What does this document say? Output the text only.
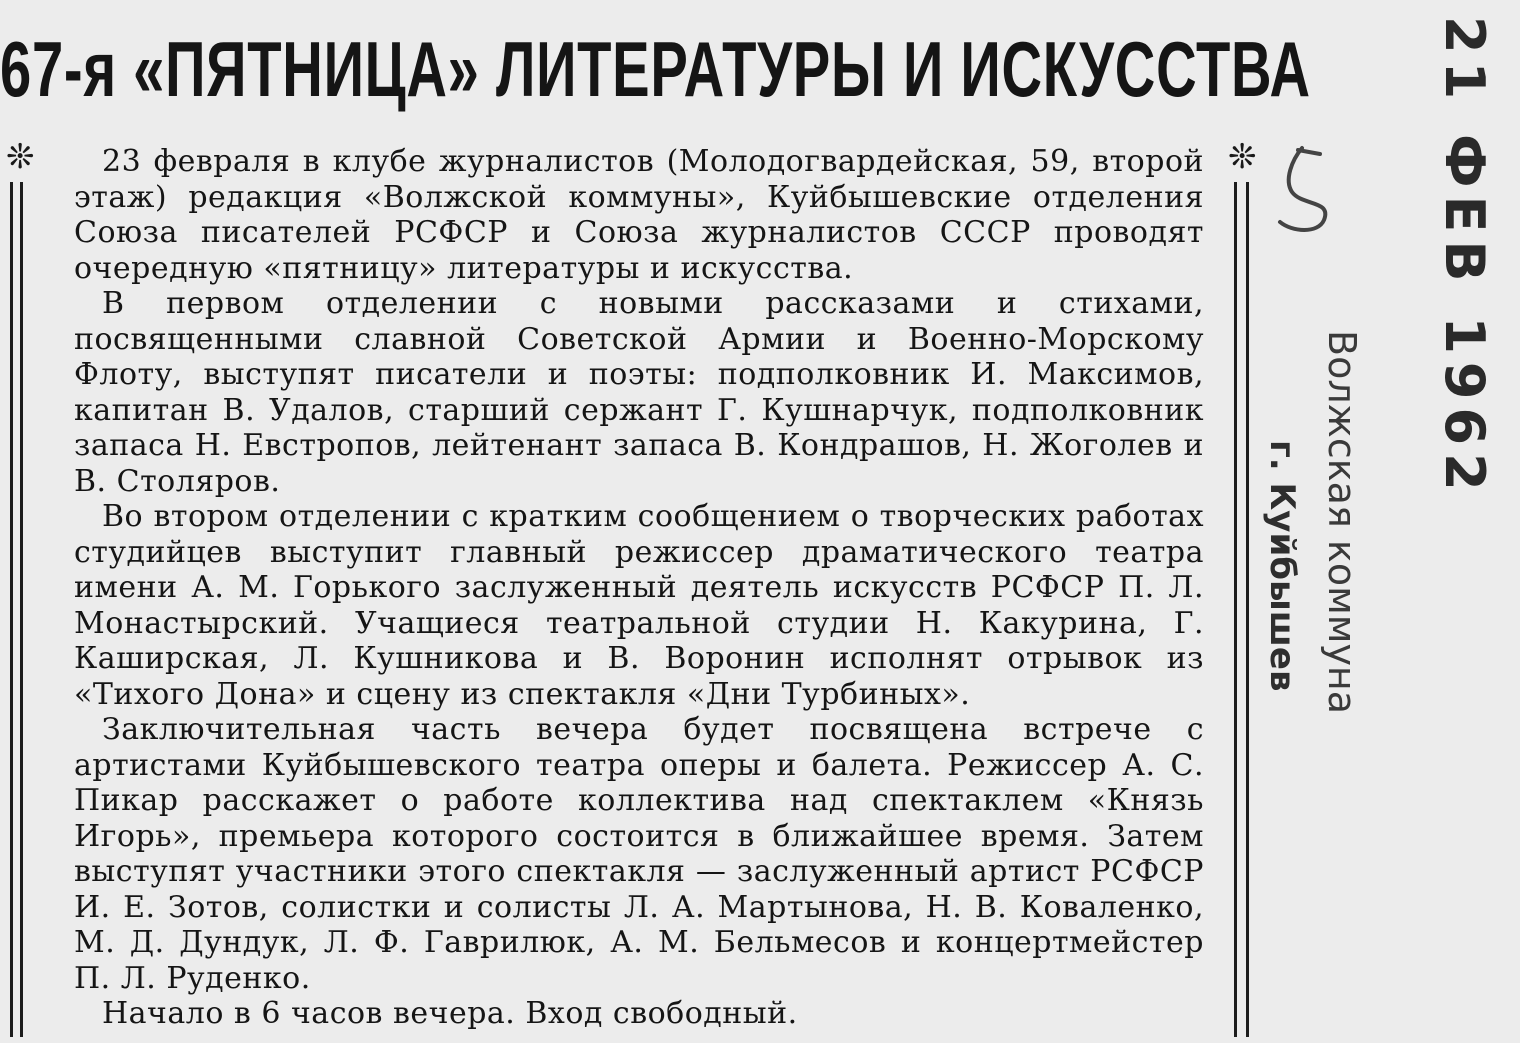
67-я «ПЯТНИЦА» ЛИТЕРАТУРЫ И ИСКУССТВА
❊	❊

23 февраля в клубе журналистов (Молодогвардейская, 59, второй этаж) редакция «Волжской коммуны», Куйбышевские отделения Союза писателей РСФСР и Союза журналистов СССР проводят очередную «пятницу» литературы и искусства.

В первом отделении с новыми рассказами и стихами, посвященными славной Советской Армии и Военно-Морскому Флоту, выступят писатели и поэты: подполковник И. Максимов, капитан В. Удалов, старший сержант Г. Кушнарчук, подполковник запаса Н. Евстропов, лейтенант запаса В. Кондрашов, Н. Жоголев и В. Столяров.

Во втором отделении с кратким сообщением о творческих работах студийцев выступит главный режиссер драматического театра имени А. М. Горького заслуженный деятель искусств РСФСР П. Л. Монастырский. Учащиеся театральной студии Н. Какурина, Г. Каширская, Л. Кушникова и В. Воронин исполнят отрывок из «Тихого Дона» и сцену из спектакля «Дни Турбиных».

Заключительная часть вечера будет посвящена встрече с артистами Куйбышевского театра оперы и балета. Режиссер А. С. Пикар расскажет о работе коллектива над спектаклем «Князь Игорь», премьера которого состоится в ближайшее время. Затем выступят участники этого спектакля — заслуженный артист РСФСР И. Е. Зотов, солистки и солисты Л. А. Мартынова, Н. В. Коваленко, М. Д. Дундук, Л. Ф. Гаврилюк, А. М. Бельмесов и концертмейстер П. Л. Руденко.

Начало в 6 часов вечера. Вход свободный.

21 ФЕВ 1962
Волжская коммуна
г. Куйбышев
